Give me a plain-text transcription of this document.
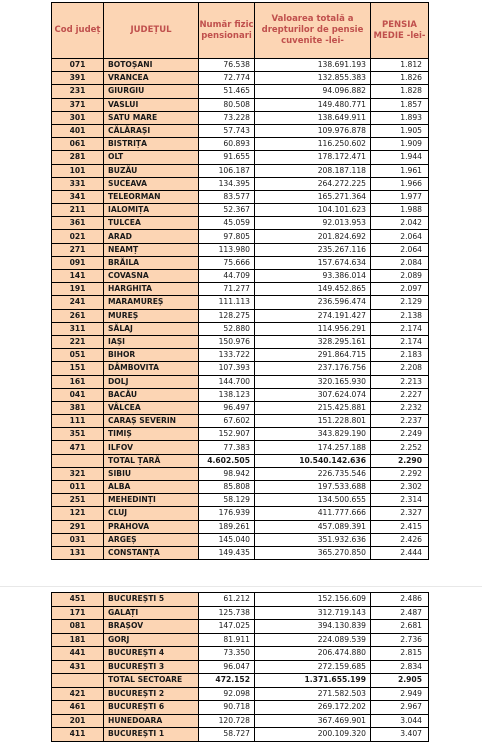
Cod județ	JUDEȚUL	Număr fizic pensionari	Valoarea totală a drepturilor de pensie cuvenite -lei-	PENSIA MEDIE -lei-
071	BOTOȘANI	76.538	138.691.193	1.812
391	VRANCEA	72.774	132.855.383	1.826
231	GIURGIU	51.465	94.096.882	1.828
371	VASLUI	80.508	149.480.771	1.857
301	SATU MARE	73.228	138.649.911	1.893
401	CĂLĂRAȘI	57.743	109.976.878	1.905
061	BISTRIȚA	60.893	116.250.602	1.909
281	OLT	91.655	178.172.471	1.944
101	BUZĂU	106.187	208.187.118	1.961
331	SUCEAVA	134.395	264.272.225	1.966
341	TELEORMAN	83.577	165.271.364	1.977
211	IALOMIȚA	52.367	104.101.623	1.988
361	TULCEA	45.059	92.013.953	2.042
021	ARAD	97.805	201.824.692	2.064
271	NEAMȚ	113.980	235.267.116	2.064
091	BRĂILA	75.666	157.674.634	2.084
141	COVASNA	44.709	93.386.014	2.089
191	HARGHITA	71.277	149.452.865	2.097
241	MARAMUREȘ	111.113	236.596.474	2.129
261	MUREȘ	128.275	274.191.427	2.138
311	SĂLAJ	52.880	114.956.291	2.174
221	IAȘI	150.976	328.295.161	2.174
051	BIHOR	133.722	291.864.715	2.183
151	DÂMBOVITA	107.393	237.176.756	2.208
161	DOLJ	144.700	320.165.930	2.213
041	BACĂU	138.123	307.624.074	2.227
381	VÂLCEA	96.497	215.425.881	2.232
111	CARAȘ SEVERIN	67.602	151.228.801	2.237
351	TIMIȘ	152.907	343.829.190	2.249
471	ILFOV	77.383	174.257.188	2.252
	TOTAL ȚARĂ	4.602.505	10.540.142.636	2.290
321	SIBIU	98.942	226.735.546	2.292
011	ALBA	85.808	197.533.688	2.302
251	MEHEDINȚI	58.129	134.500.655	2.314
121	CLUJ	176.939	411.777.666	2.327
291	PRAHOVA	189.261	457.089.391	2.415
031	ARGEȘ	145.040	351.932.636	2.426
131	CONSTANȚA	149.435	365.270.850	2.444
451	BUCUREȘTI 5	61.212	152.156.609	2.486
171	GALAȚI	125.738	312.719.143	2.487
081	BRAȘOV	147.025	394.130.839	2.681
181	GORJ	81.911	224.089.539	2.736
441	BUCUREȘTI 4	73.350	206.474.880	2.815
431	BUCUREȘTI 3	96.047	272.159.685	2.834
	TOTAL SECTOARE	472.152	1.371.655.199	2.905
421	BUCUREȘTI 2	92.098	271.582.503	2.949
461	BUCUREȘTI 6	90.718	269.172.202	2.967
201	HUNEDOARA	120.728	367.469.901	3.044
411	BUCUREȘTI 1	58.727	200.109.320	3.407
